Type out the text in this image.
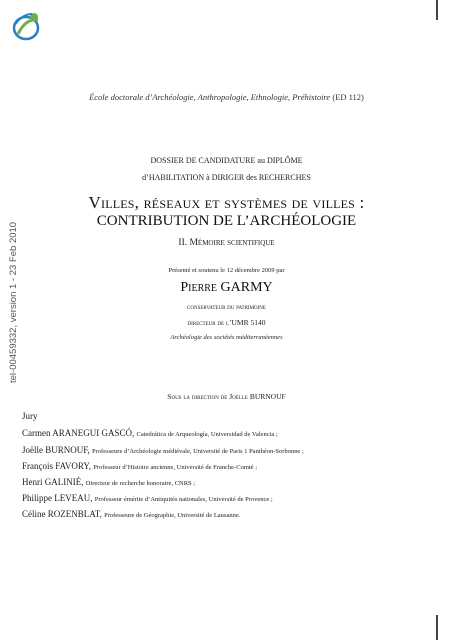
tel-00459332, version 1 - 23 Feb 2010
École doctorale d’Archéologie, Anthropologie, Ethnologie, Préhistoire (ED 112)
DOSSIER DE CANDIDATURE au DIPLÔME
d’HABILITATION à DIRIGER des RECHERCHES
Villes, réseaux et systèmes de villes :
CONTRIBUTION DE L’ARCHÉOLOGIE
II. Mémoire scientifique
Présenté et soutenu le 12 décembre 2009 par
Pierre GARMY
conservateur du patrimoine
directeur de l’UMR 5140
Archéologie des sociétés méditerranéennes
Sous la direction de Joëlle BURNOUF
Jury
Carmen ARANEGUI GASCÓ, Catedrática de Arqueología, Universidad de Valencia ;
Joëlle BURNOUF, Professeure d’Archéologie médiévale, Université de Paris 1 Panthéon-Sorbonne ;
François FAVORY, Professeur d’Histoire ancienne, Université de Franche-Comté ;
Henri GALINIÉ, Directeur de recherche honoraire, CNRS ;
Philippe LEVEAU, Professeur émérite d’Antiquités nationales, Université de Provence ;
Céline ROZENBLAT, Professeure de Géographie, Université de Lausanne.
